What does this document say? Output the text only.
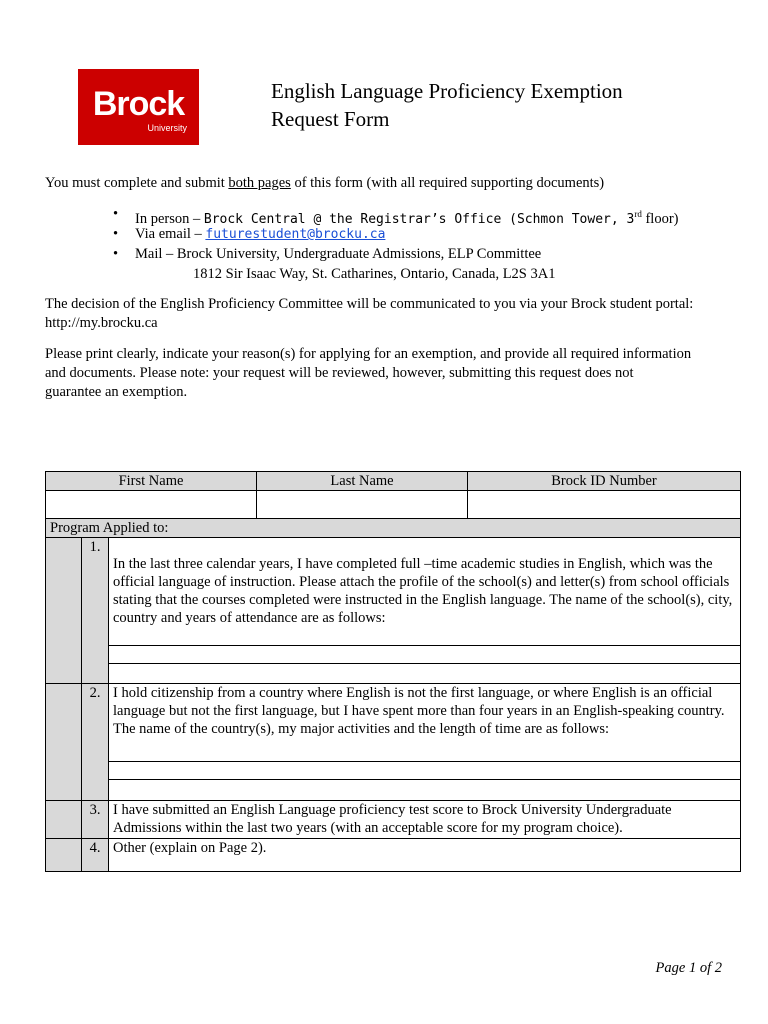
Brock
University
English Language Proficiency Exemption
Request Form
You must complete and submit both pages of this form (with all required supporting documents)
• In person – Brock Central @ the Registrar’s Office (Schmon Tower, 3rd floor)
• Via email – futurestudent@brocku.ca
• Mail – Brock University, Undergraduate Admissions, ELP Committee
1812 Sir Isaac Way, St. Catharines, Ontario, Canada, L2S 3A1
The decision of the English Proficiency Committee will be communicated to you via your Brock student portal:
http://my.brocku.ca
Please print clearly, indicate your reason(s) for applying for an exemption, and provide all required information
and documents. Please note: your request will be reviewed, however, submitting this request does not
guarantee an exemption.
First Name			Last Name	Brock ID Number

Program Applied to:				
	1.	In the last three calendar years, I have completed full –time academic studies in English, which was the official language of instruction. Please attach the profile of the school(s) and letter(s) from school officials stating that the courses completed were instructed in the English language. The name of the school(s), city, country and years of attendance are as follows:		

	2.	I hold citizenship from a country where English is not the first language, or where English is an official language but not the first language, but I have spent more than four years in an English-speaking country. The name of the country(s), my major activities and the length of time are as follows:		

	3.	I have submitted an English Language proficiency test score to Brock University Undergraduate Admissions within the last two years (with an acceptable score for my program choice).		
	4.	Other (explain on Page 2).		
Page 1 of 2
